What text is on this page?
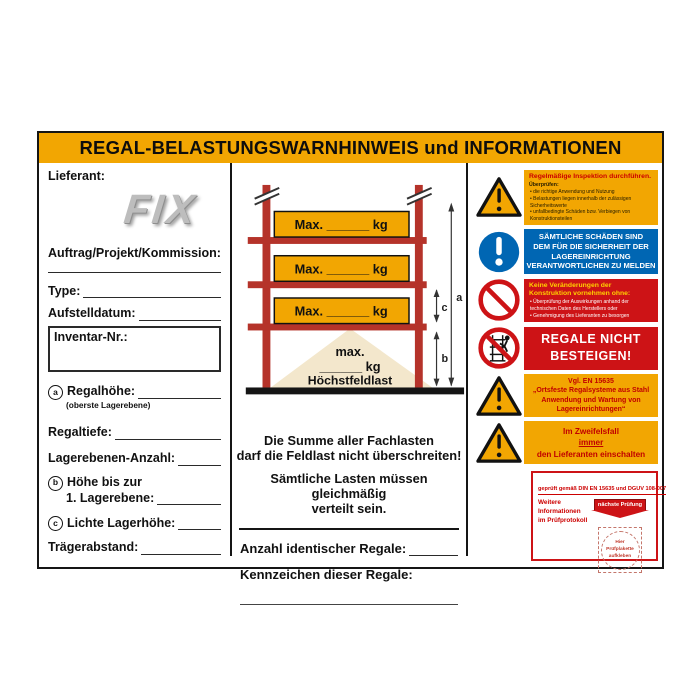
REGAL-BELASTUNGSWARNHINWEIS und INFORMATIONEN
Lieferant:
FIX
Auftrag/Projekt/Kommission:
Type:
Aufstelldatum:
Inventar-Nr.:
a Regalhöhe:
(oberste Lagerebene)
Regaltiefe:
Lagerebenen-Anzahl:
b Höhe bis zur
1. Lagerebene:
c Lichte Lagerhöhe:
Trägerabstand:
Max. ______ kg
Max. ______ kg
Max. ______ kg
max.
______ kg
Höchstfeldlast
a
c
b
Die Summe aller Fachlasten
darf die Feldlast nicht überschreiten!
Sämtliche Lasten müssen gleichmäßig
verteilt sein.
Anzahl identischer Regale:
Kennzeichen dieser Regale:
Regelmäßige Inspektion durchführen.
Überprüfen:
• die richtige Anwendung und Nutzung
• Belastungen liegen innerhalb der zulässigen Sicherheitswerte
• unfallbedingte Schäden bzw. Verbiegen von Konstruktionsteilen
SÄMTLICHE SCHÄDEN SIND
DEM FÜR DIE SICHERHEIT DER
LAGEREINRICHTUNG
VERANTWORTLICHEN ZU MELDEN
Keine Veränderungen der Konstruktion vornehmen ohne:
• Überprüfung der Auswirkungen anhand der technischen Daten des Herstellers oder
• Genehmigung des Lieferanten zu besorgen
REGALE NICHT
BESTEIGEN!
Vgl. EN 15635
„Ortsfeste Regalsysteme aus Stahl
Anwendung und Wartung von
Lagereinrichtungen“
Im Zweifelsfall
immer
den Lieferanten einschalten
geprüft gemäß DIN EN 15635 und DGUV 108-007
Weitere Informationen
im Prüfprotokoll
nächste Prüfung
Hier
Prüfplakette
aufkleben
